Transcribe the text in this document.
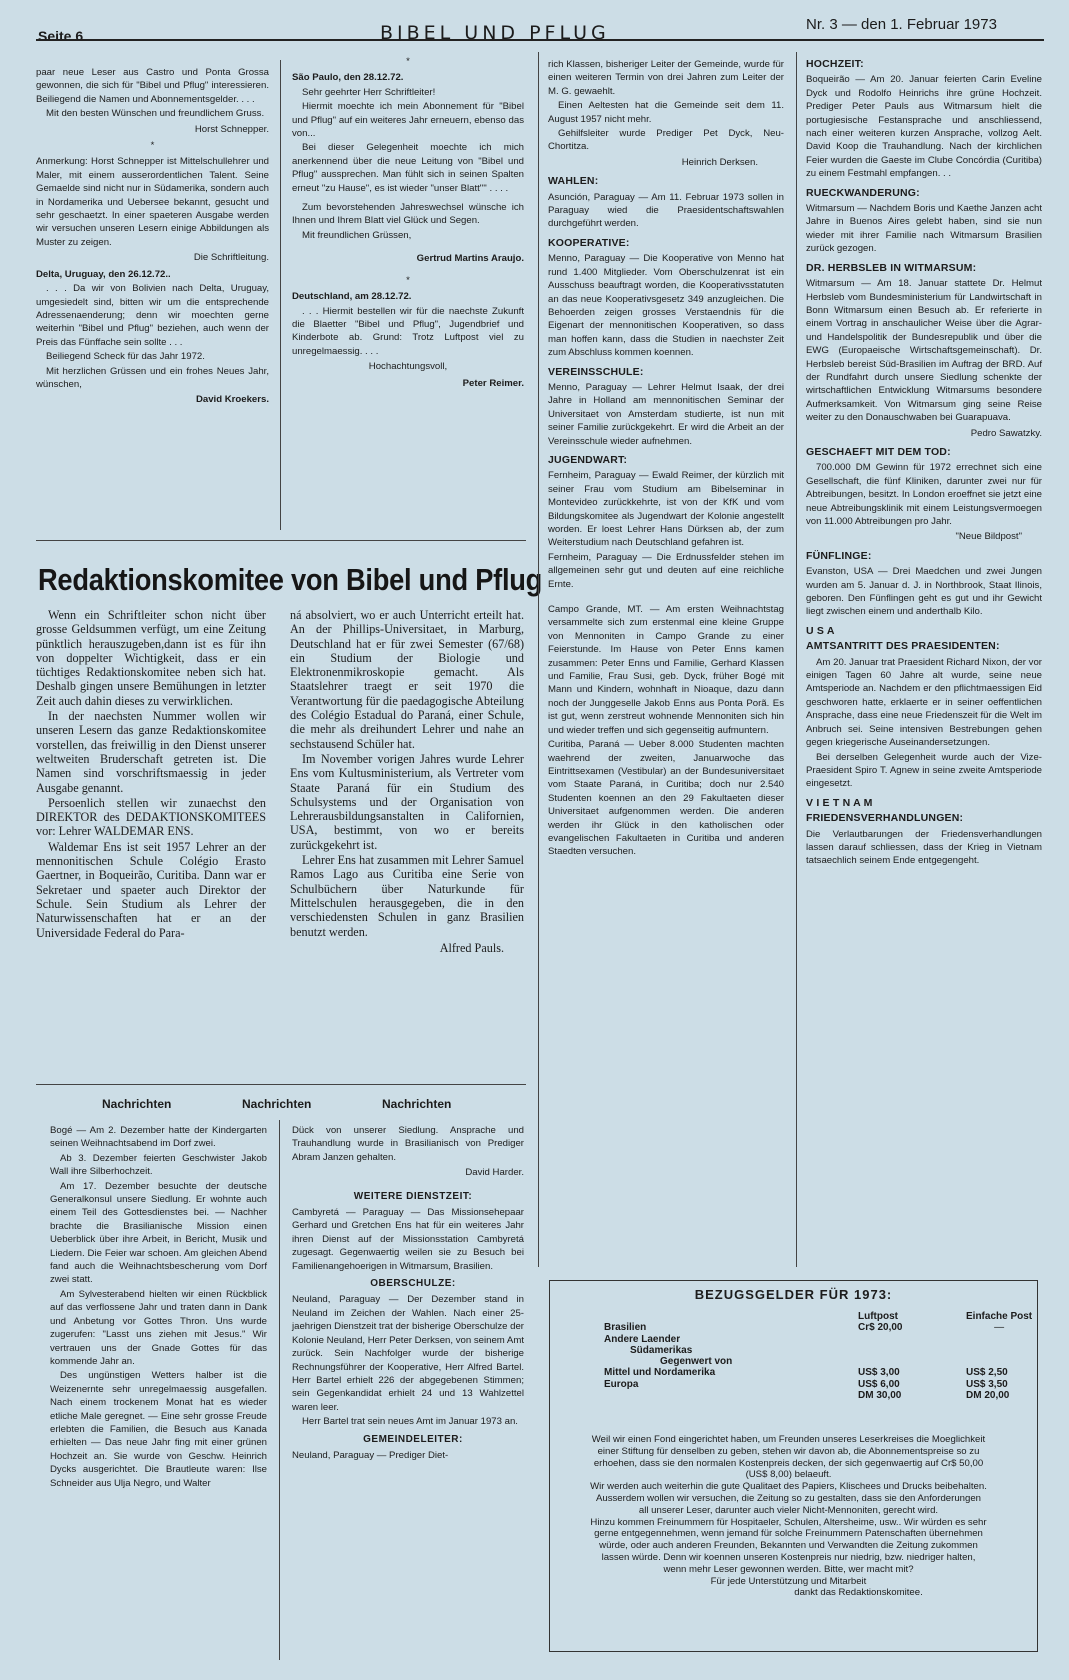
Seite 6	BIBEL UND PFLUG	Nr. 3 — den 1. Februar 1973

paar neue Leser aus Castro und Ponta Grossa gewonnen, die sich für "Bibel und Pflug" interessieren. Beiliegend die Namen und Abonnementsgelder. . . .

Mit den besten Wünschen und freundlichem Gruss.

Horst Schnepper.

*

Anmerkung: Horst Schnepper ist Mittelschullehrer und Maler, mit einem ausserordentlichen Talent. Seine Gemaelde sind nicht nur in Südamerika, sondern auch in Nordamerika und Uebersee bekannt, gesucht und sehr geschaetzt. In einer spaeteren Ausgabe werden wir versuchen unseren Lesern einige Abbildungen als Muster zu zeigen.

Die Schriftleitung.

Delta, Uruguay, den 26.12.72..

. . . Da wir von Bolivien nach Delta, Uruguay, umgesiedelt sind, bitten wir um die entsprechende Adressenaenderung; denn wir moechten gerne weiterhin "Bibel und Pflug" beziehen, auch wenn der Preis das Fünffache sein sollte . . .

Beiliegend Scheck für das Jahr 1972.

Mit herzlichen Grüssen und ein frohes Neues Jahr, wünschen,

David Kroekers.

*

São Paulo, den 28.12.72.

Sehr geehrter Herr Schriftleiter!

Hiermit moechte ich mein Abonnement für "Bibel und Pflug" auf ein weiteres Jahr erneuern, ebenso das von...

Bei dieser Gelegenheit moechte ich mich anerkennend über die neue Leitung von "Bibel und Pflug" aussprechen. Man fühlt sich in seinen Spalten erneut "zu Hause", es ist wieder "unser Blatt"'' . . . .

Zum bevorstehenden Jahreswechsel wünsche ich Ihnen und Ihrem Blatt viel Glück und Segen.

Mit freundlichen Grüssen,

Gertrud Martins Araujo.

*

Deutschland, am 28.12.72.

. . . Hiermit bestellen wir für die naechste Zukunft die Blaetter "Bibel und Pflug", Jugendbrief und Kinderbote ab. Grund: Trotz Luftpost viel zu unregelmaessig. . . .

Hochachtungsvoll,

Peter Reimer.

Redaktionskomitee von Bibel und Pflug

Wenn ein Schriftleiter schon nicht über grosse Geldsummen verfügt, um eine Zeitung pünktlich herauszugeben,dann ist es für ihn von doppelter Wichtigkeit, dass er ein tüchtiges Redaktionskomitee neben sich hat. Deshalb gingen unsere Bemühungen in letzter Zeit auch dahin dieses zu verwirklichen.

In der naechsten Nummer wollen wir unseren Lesern das ganze Redaktionskomitee vorstellen, das freiwillig in den Dienst unserer weltweiten Bruderschaft getreten ist. Die Namen sind vorschriftsmaessig in jeder Ausgabe genannt.

Persoenlich stellen wir zunaechst den DIREKTOR des DEDAKTIONSKOMITEES vor: Lehrer WALDEMAR ENS.

Waldemar Ens ist seit 1957 Lehrer an der mennonitischen Schule Colégio Erasto Gaertner, in Boqueirão, Curitiba. Dann war er Sekretaer und spaeter auch Direktor der Schule. Sein Studium als Lehrer der Naturwissenschaften hat er an der Universidade Federal do Para-

ná absolviert, wo er auch Unterricht erteilt hat. An der Phillips-Universitaet, in Marburg, Deutschland hat er für zwei Semester (67/68) ein Studium der Biologie und Elektronenmikroskopie gemacht. Als Staatslehrer traegt er seit 1970 die Verantwortung für die paedagogische Abteilung des Colégio Estadual do Paraná, einer Schule, die mehr als dreihundert Lehrer und nahe an sechstausend Schüler hat.

Im November vorigen Jahres wurde Lehrer Ens vom Kultusministerium, als Vertreter vom Staate Paraná für ein Studium des Schulsystems und der Organisation von Lehrerausbildungsanstalten in Californien, USA, bestimmt, von wo er bereits zurückgekehrt ist.

Lehrer Ens hat zusammen mit Lehrer Samuel Ramos Lago aus Curitiba eine Serie von Schulbüchern über Naturkunde für Mittelschulen herausgegeben, die in den verschiedensten Schulen in ganz Brasilien benutzt werden.

Alfred Pauls.

Nachrichten	Nachrichten	Nachrichten

Bogé — Am 2. Dezember hatte der Kindergarten seinen Weihnachtsabend im Dorf zwei.

Ab 3. Dezember feierten Geschwister Jakob Wall ihre Silberhochzeit.

Am 17. Dezember besuchte der deutsche Generalkonsul unsere Siedlung. Er wohnte auch einem Teil des Gottesdienstes bei. — Nachher brachte die Brasilianische Mission einen Ueberblick über ihre Arbeit, in Bericht, Musik und Liedern. Die Feier war schoen. Am gleichen Abend fand auch die Weihnachtsbescherung vom Dorf zwei statt.

Am Sylvesterabend hielten wir einen Rückblick auf das verflossene Jahr und traten dann in Dank und Anbetung vor Gottes Thron. Uns wurde zugerufen: "Lasst uns ziehen mit Jesus." Wir vertrauen uns der Gnade Gottes für das kommende Jahr an.

Des ungünstigen Wetters halber ist die Weizenernte sehr unregelmaessig ausgefallen. Nach einem trockenem Monat hat es wieder etliche Male geregnet. — Eine sehr grosse Freude erlebten die Familien, die Besuch aus Kanada erhielten — Das neue Jahr fing mit einer grünen Hochzeit an. Sie wurde von Geschw. Heinrich Dycks ausgerichtet. Die Brautleute waren: Ilse Schneider aus Ulja Negro, und Walter

Dück von unserer Siedlung. Ansprache und Trauhandlung wurde in Brasilianisch von Prediger Abram Janzen gehalten.

David Harder.

WEITERE DIENSTZEIT:

Cambyretá — Paraguay — Das Missionsehepaar Gerhard und Gretchen Ens hat für ein weiteres Jahr ihren Dienst auf der Missionsstation Cambyretá zugesagt. Gegenwaertig weilen sie zu Besuch bei Familienangehoerigen in Witmarsum, Brasilien.

OBERSCHULZE:

Neuland, Paraguay — Der Dezember stand in Neuland im Zeichen der Wahlen. Nach einer 25-jaehrigen Dienstzeit trat der bisherige Oberschulze der Kolonie Neuland, Herr Peter Derksen, von seinem Amt zurück. Sein Nachfolger wurde der bisherige Rechnungsführer der Kooperative, Herr Alfred Bartel. Herr Bartel erhielt 226 der abgegebenen Stimmen; sein Gegenkandidat erhielt 24 und 13 Wahlzettel waren leer.

Herr Bartel trat sein neues Amt im Januar 1973 an.

GEMEINDELEITER:

Neuland, Paraguay — Prediger Diet-

rich Klassen, bisheriger Leiter der Gemeinde, wurde für einen weiteren Termin von drei Jahren zum Leiter der M. G. gewaehlt.

Einen Aeltesten hat die Gemeinde seit dem 11. August 1957 nicht mehr.

Gehilfsleiter wurde Prediger Pet Dyck, Neu-Chortitza.

Heinrich Derksen.

WAHLEN:

Asunción, Paraguay — Am 11. Februar 1973 sollen in Paraguay wied die Praesidentschaftswahlen durchgeführt werden.

KOOPERATIVE:

Menno, Paraguay — Die Kooperative von Menno hat rund 1.400 Mitglieder. Vom Oberschulzenrat ist ein Ausschuss beauftragt worden, die Kooperativsstatuten an das neue Kooperativsgesetz 349 anzugleichen. Die Behoerden zeigen grosses Verstaendnis für die Eigenart der mennonitischen Kooperativen, so dass man hoffen kann, dass die Studien in naechster Zeit zum Abschluss kommen koennen.

VEREINSSCHULE:

Menno, Paraguay — Lehrer Helmut Isaak, der drei Jahre in Holland am mennonitischen Seminar der Universitaet von Amsterdam studierte, ist nun mit seiner Familie zurückgekehrt. Er wird die Arbeit an der Vereinsschule wieder aufnehmen.

JUGENDWART:

Fernheim, Paraguay — Ewald Reimer, der kürzlich mit seiner Frau vom Studium am Bibelseminar in Montevideo zurückkehrte, ist von der KfK und vom Bildungskomitee als Jugendwart der Kolonie angestellt worden. Er loest Lehrer Hans Dürksen ab, der zum Weiterstudium nach Deutschland gefahren ist.

Fernheim, Paraguay — Die Erdnussfelder stehen im allgemeinen sehr gut und deuten auf eine reichliche Ernte.

Campo Grande, MT. — Am ersten Weihnachtstag versammelte sich zum erstenmal eine kleine Gruppe von Mennoniten in Campo Grande zu einer Feierstunde. Im Hause von Peter Enns kamen zusammen: Peter Enns und Familie, Gerhard Klassen und Familie, Frau Susi, geb. Dyck, früher Bogé mit Mann und Kindern, wohnhaft in Nioaque, dazu dann noch der Junggeselle Jakob Enns aus Ponta Porã. Es ist gut, wenn zerstreut wohnende Mennoniten sich hin und wieder treffen und sich gegenseitig aufmuntern.

Curitiba, Paraná — Ueber 8.000 Studenten machten waehrend der zweiten, Januarwoche das Eintrittsexamen (Vestibular) an der Bundesuniversitaet vom Staate Paraná, in Curitiba; doch nur 2.540 Studenten koennen an den 29 Fakultaeten dieser Universitaet aufgenommen werden. Die anderen werden ihr Glück in den katholischen oder evangelischen Fakultaeten in Curitiba und anderen Staedten versuchen.

HOCHZEIT:

Boqueirão — Am 20. Januar feierten Carin Eveline Dyck und Rodolfo Heinrichs ihre grüne Hochzeit. Prediger Peter Pauls aus Witmarsum hielt die portugiesische Festansprache und anschliessend, nach einer weiteren kurzen Ansprache, vollzog Aelt. David Koop die Trauhandlung. Nach der kirchlichen Feier wurden die Gaeste im Clube Concórdia (Curitiba) zu einem Festmahl empfangen. . .

RUECKWANDERUNG:

Witmarsum — Nachdem Boris und Kaethe Janzen acht Jahre in Buenos Aires gelebt haben, sind sie nun wieder mit ihrer Familie nach Witmarsum Brasilien zurück gezogen.

DR. HERBSLEB IN WITMARSUM:

Witmarsum — Am 18. Januar stattete Dr. Helmut Herbsleb vom Bundesministerium für Landwirtschaft in Bonn Witmarsum einen Besuch ab. Er referierte in einem Vortrag in anschaulicher Weise über die Agrar- und Handelspolitik der Bundesrepublik und über die EWG (Europaeische Wirtschaftsgemeinschaft). Dr. Herbsleb bereist Süd-Brasilien im Auftrag der BRD. Auf der Rundfahrt durch unsere Siedlung schenkte der wirtschaftlichen Entwicklung Witmarsums besondere Aufmerksamkeit. Von Witmarsum ging seine Reise weiter zu den Donauschwaben bei Guarapuava.

Pedro Sawatzky.

GESCHAEFT MIT DEM TOD:

700.000 DM Gewinn für 1972 errechnet sich eine Gesellschaft, die fünf Kliniken, darunter zwei nur für Abtreibungen, besitzt. In London eroeffnet sie jetzt eine neue Abtreibungsklinik mit einem Leistungsvermoegen von 11.000 Abtreibungen pro Jahr.

"Neue Bildpost"

FÜNFLINGE:

Evanston, USA — Drei Maedchen und zwei Jungen wurden am 5. Januar d. J. in Northbrook, Staat Ilinois, geboren. Den Fünflingen geht es gut und ihr Gewicht liegt zwischen einem und anderthalb Kilo.

U S A
AMTSANTRITT DES PRAESIDENTEN:

Am 20. Januar trat Praesident Richard Nixon, der vor einigen Tagen 60 Jahre alt wurde, seine neue Amtsperiode an. Nachdem er den pflichtmaessigen Eid geschworen hatte, erklaerte er in seiner oeffentlichen Ansprache, dass eine neue Friedenszeit für die Welt im Anbruch sei. Seine intensiven Bestrebungen gehen gegen kriegerische Auseinandersetzungen.

Bei derselben Gelegenheit wurde auch der Vize-Praesident Spiro T. Agnew in seine zweite Amtsperiode eingesetzt.

V I E T N A M
FRIEDENSVERHANDLUNGEN:

Die Verlautbarungen der Friedensverhandlungen lassen darauf schliessen, dass der Krieg in Vietnam tatsaechlich seinem Ende entgegengeht.

BEZUGSGELDER FÜR 1973:
	Luftpost	Einfache Post
Brasilien	Cr$ 20,00	—
Andere Laender		
Südamerikas		
Gegenwert von		
Mittel und Nordamerika	US$ 3,00	US$ 2,50
Europa	US$ 6,00	US$ 3,50
	DM 30,00	DM 20,00

Weil wir einen Fond eingerichtet haben, um Freunden unseres Leserkreises die Moeglichkeit einer Stiftung für denselben zu geben, stehen wir davon ab, die Abonnementspreise so zu erhoehen, dass sie den normalen Kostenpreis decken, der sich gegenwaertig auf Cr$ 50,00 (US$ 8,00) belaeuft.

Wir werden auch weiterhin die gute Qualitaet des Papiers, Klischees und Drucks beibehalten. Ausserdem wollen wir versuchen, die Zeitung so zu gestalten, dass sie den Anforderungen all unserer Leser, darunter auch vieler Nicht-Mennoniten, gerecht wird.

Hinzu kommen Freinummern für Hospitaeler, Schulen, Altersheime, usw.. Wir würden es sehr gerne entgegennehmen, wenn jemand für solche Freinummern Patenschaften übernehmen würde, oder auch anderen Freunden, Bekannten und Verwandten die Zeitung zukommen lassen würde. Denn wir koennen unseren Kostenpreis nur niedrig, bzw. niedriger halten, wenn mehr Leser gewonnen werden. Bitte, wer macht mit?

Für jede Unterstützung und Mitarbeit

dankt das Redaktionskomitee.
